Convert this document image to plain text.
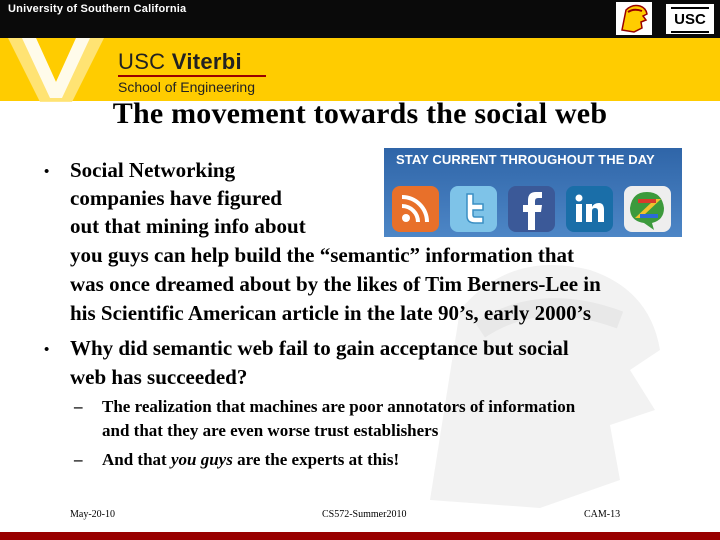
University of Southern California
USC
USC Viterbi
School of Engineering
The movement towards the social web
STAY CURRENT THROUGHOUT THE DAY
• Social Networking
companies have figured
out that mining info about
you guys can help build the “semantic” information that
was once dreamed about by the likes of Tim Berners-Lee in
his Scientific American article in the late 90’s, early 2000’s
• Why did semantic web fail to gain acceptance but social
web has succeeded?
– The realization that machines are poor annotators of information
and that they are even worse trust establishers
– And that you guys are the experts at this!
May-20-10	CS572-Summer2010	CAM-13
